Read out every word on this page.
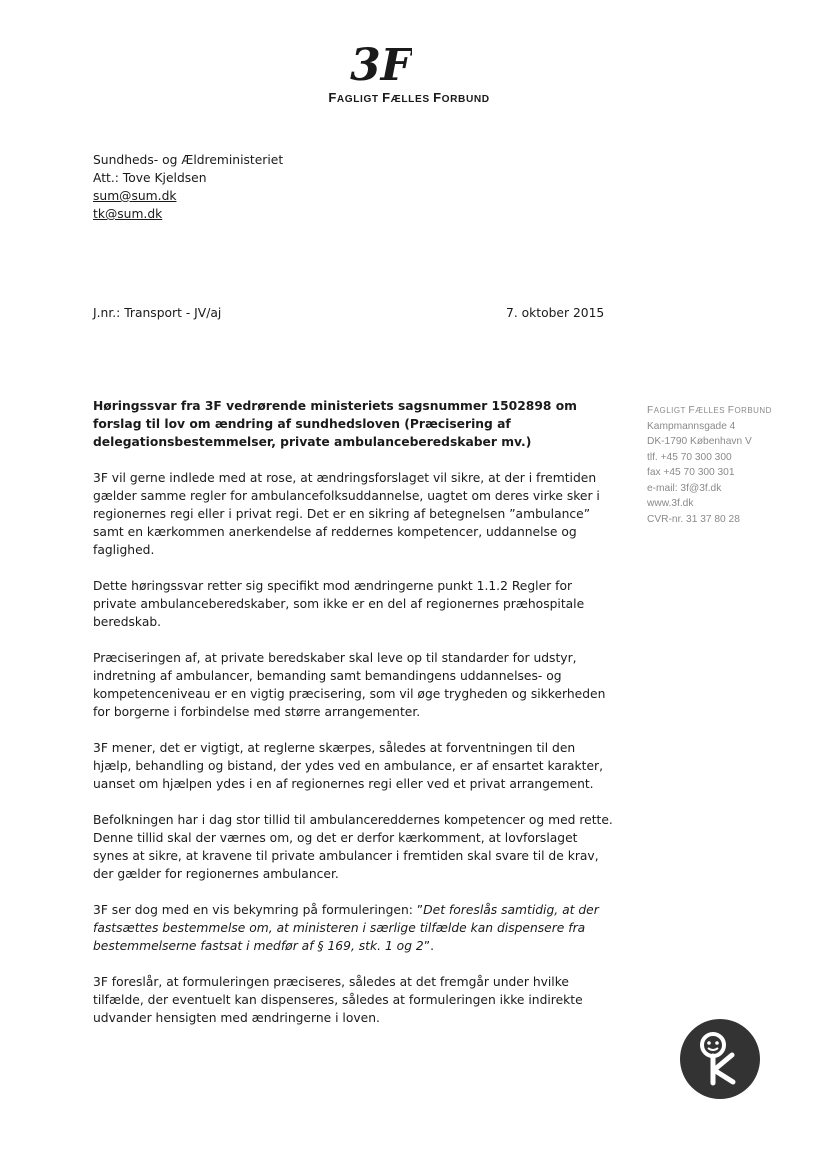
3F
FAGLIGT FÆLLES FORBUND
Sundheds- og Ældreministeriet
Att.: Tove Kjeldsen
sum@sum.dk
tk@sum.dk
J.nr.: Transport - JV/aj	7. oktober 2015
Høringssvar fra 3F vedrørende ministeriets sagsnummer 1502898 om forslag til lov om ændring af sundhedsloven (Præcisering af delegationsbestemmelser, private ambulanceberedskaber mv.)

3F vil gerne indlede med at rose, at ændringsforslaget vil sikre, at der i fremtiden gælder samme regler for ambulancefolksuddannelse, uagtet om deres virke sker i regionernes regi eller i privat regi. Det er en sikring af betegnelsen ”ambulance” samt en kærkommen anerkendelse af reddernes kompetencer, uddannelse og faglighed.

Dette høringssvar retter sig specifikt mod ændringerne punkt 1.1.2 Regler for private ambulanceberedskaber, som ikke er en del af regionernes præhospitale beredskab.

Præciseringen af, at private beredskaber skal leve op til standarder for udstyr, indretning af ambulancer, bemanding samt bemandingens uddannelses- og kompetenceniveau er en vigtig præcisering, som vil øge trygheden og sikkerheden for borgerne i forbindelse med større arrangementer.

3F mener, det er vigtigt, at reglerne skærpes, således at forventningen til den hjælp, behandling og bistand, der ydes ved en ambulance, er af ensartet karakter, uanset om hjælpen ydes i en af regionernes regi eller ved et privat arrangement.

Befolkningen har i dag stor tillid til ambulancereddernes kompetencer og med rette. Denne tillid skal der værnes om, og det er derfor kærkomment, at lovforslaget synes at sikre, at kravene til private ambulancer i fremtiden skal svare til de krav, der gælder for regionernes ambulancer.

3F ser dog med en vis bekymring på formuleringen: ”Det foreslås samtidig, at der fastsættes bestemmelse om, at ministeren i særlige tilfælde kan dispensere fra bestemmelserne fastsat i medfør af § 169, stk. 1 og 2”.

3F foreslår, at formuleringen præciseres, således at det fremgår under hvilke tilfælde, der eventuelt kan dispenseres, således at formuleringen ikke indirekte udvander hensigten med ændringerne i loven.

FAGLIGT FÆLLES FORBUND
Kampmannsgade 4
DK-1790 København V
tlf. +45 70 300 300
fax +45 70 300 301
e-mail: 3f@3f.dk
www.3f.dk
CVR-nr. 31 37 80 28
